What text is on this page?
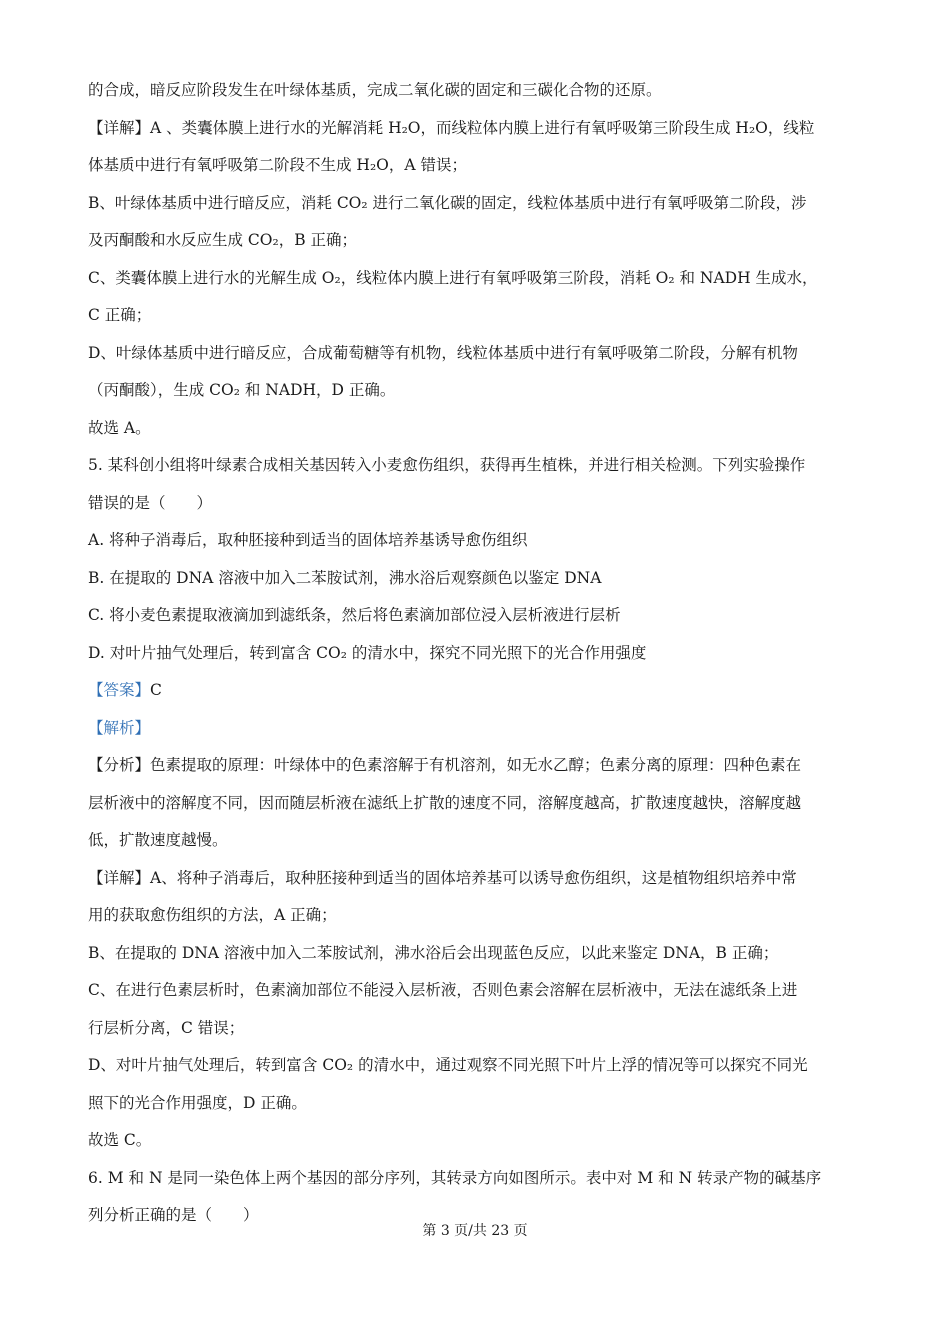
的合成，暗反应阶段发生在叶绿体基质，完成二氧化碳的固定和三碳化合物的还原。
【详解】A 、类囊体膜上进行水的光解消耗 H₂O，而线粒体内膜上进行有氧呼吸第三阶段生成 H₂O，线粒
体基质中进行有氧呼吸第二阶段不生成 H₂O，A 错误；
B、叶绿体基质中进行暗反应，消耗 CO₂ 进行二氧化碳的固定，线粒体基质中进行有氧呼吸第二阶段，涉
及丙酮酸和水反应生成 CO₂，B 正确；
C、类囊体膜上进行水的光解生成 O₂，线粒体内膜上进行有氧呼吸第三阶段，消耗 O₂ 和 NADH 生成水，
C 正确；
D、叶绿体基质中进行暗反应，合成葡萄糖等有机物，线粒体基质中进行有氧呼吸第二阶段，分解有机物
（丙酮酸），生成 CO₂ 和 NADH，D 正确。
故选 A。
5. 某科创小组将叶绿素合成相关基因转入小麦愈伤组织，获得再生植株，并进行相关检测。下列实验操作
错误的是（　　）
A. 将种子消毒后，取种胚接种到适当的固体培养基诱导愈伤组织
B. 在提取的 DNA 溶液中加入二苯胺试剂，沸水浴后观察颜色以鉴定 DNA
C. 将小麦色素提取液滴加到滤纸条，然后将色素滴加部位浸入层析液进行层析
D. 对叶片抽气处理后，转到富含 CO₂ 的清水中，探究不同光照下的光合作用强度
【答案】C
【解析】
【分析】色素提取的原理：叶绿体中的色素溶解于有机溶剂，如无水乙醇；色素分离的原理：四种色素在
层析液中的溶解度不同，因而随层析液在滤纸上扩散的速度不同，溶解度越高，扩散速度越快，溶解度越
低，扩散速度越慢。
【详解】A、将种子消毒后，取种胚接种到适当的固体培养基可以诱导愈伤组织，这是植物组织培养中常
用的获取愈伤组织的方法，A 正确；
B、在提取的 DNA 溶液中加入二苯胺试剂，沸水浴后会出现蓝色反应，以此来鉴定 DNA，B 正确；
C、在进行色素层析时，色素滴加部位不能浸入层析液，否则色素会溶解在层析液中，无法在滤纸条上进
行层析分离，C 错误；
D、对叶片抽气处理后，转到富含 CO₂ 的清水中，通过观察不同光照下叶片上浮的情况等可以探究不同光
照下的光合作用强度，D 正确。
故选 C。
6. M 和 N 是同一染色体上两个基因的部分序列，其转录方向如图所示。表中对 M 和 N 转录产物的碱基序
列分析正确的是（　　）
第 3 页/共 23 页
